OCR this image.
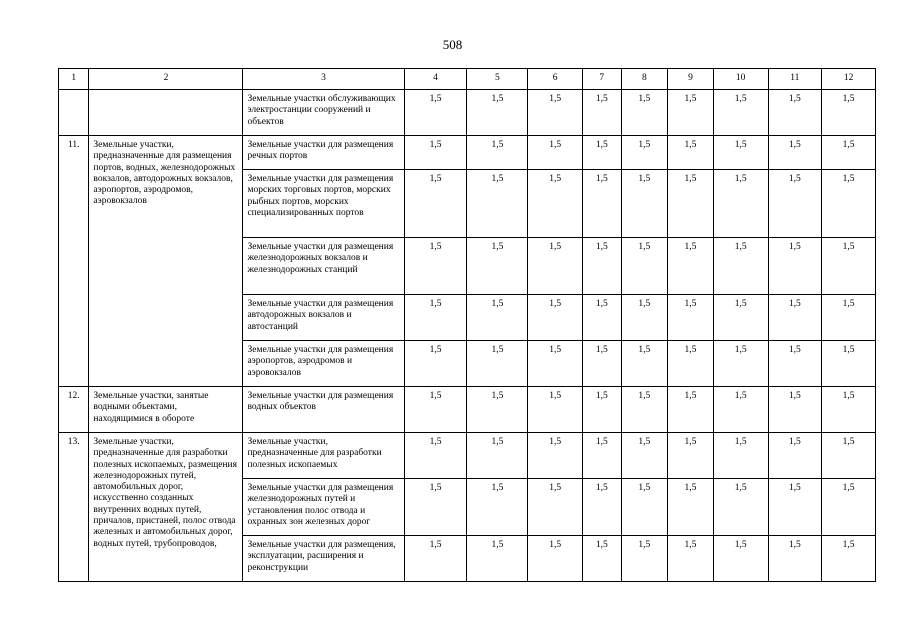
508
1	2	3	4	5	6	7	8	9	10	11	12
		Земельные участки обслуживающих электростанции сооружений и объектов	1,5	1,5	1,5	1,5	1,5	1,5	1,5	1,5	1,5
11.	Земельные участки, предназначенные для размещения портов, водных, железнодорожных вокзалов, автодорожных вокзалов, аэропортов, аэродромов, аэровокзалов	Земельные участки для размещения речных портов	1,5	1,5	1,5	1,5	1,5	1,5	1,5	1,5	1,5
		Земельные участки для размещения морских торговых портов, морских рыбных портов, морских специализированных портов	1,5	1,5	1,5	1,5	1,5	1,5	1,5	1,5	1,5
		Земельные участки для размещения железнодорожных вокзалов и железнодорожных станций	1,5	1,5	1,5	1,5	1,5	1,5	1,5	1,5	1,5
		Земельные участки для размещения автодорожных вокзалов и автостанций	1,5	1,5	1,5	1,5	1,5	1,5	1,5	1,5	1,5
		Земельные участки для размещения аэропортов, аэродромов и аэровокзалов	1,5	1,5	1,5	1,5	1,5	1,5	1,5	1,5	1,5
12.	Земельные участки, занятые водными объектами, находящимися в обороте	Земельные участки для размещения водных объектов	1,5	1,5	1,5	1,5	1,5	1,5	1,5	1,5	1,5
13.	Земельные участки, предназначенные для разработки полезных ископаемых, размещения железнодорожных путей, автомобильных дорог, искусственно созданных внутренних водных путей, причалов, пристаней, полос отвода железных и автомобильных дорог, водных путей, трубопроводов,	Земельные участки, предназначенные для разработки полезных ископаемых	1,5	1,5	1,5	1,5	1,5	1,5	1,5	1,5	1,5
		Земельные участки для размещения железнодорожных путей и установления полос отвода и охранных зон железных дорог	1,5	1,5	1,5	1,5	1,5	1,5	1,5	1,5	1,5
		Земельные участки для размещения, эксплуатации, расширения и реконструкции	1,5	1,5	1,5	1,5	1,5	1,5	1,5	1,5	1,5
